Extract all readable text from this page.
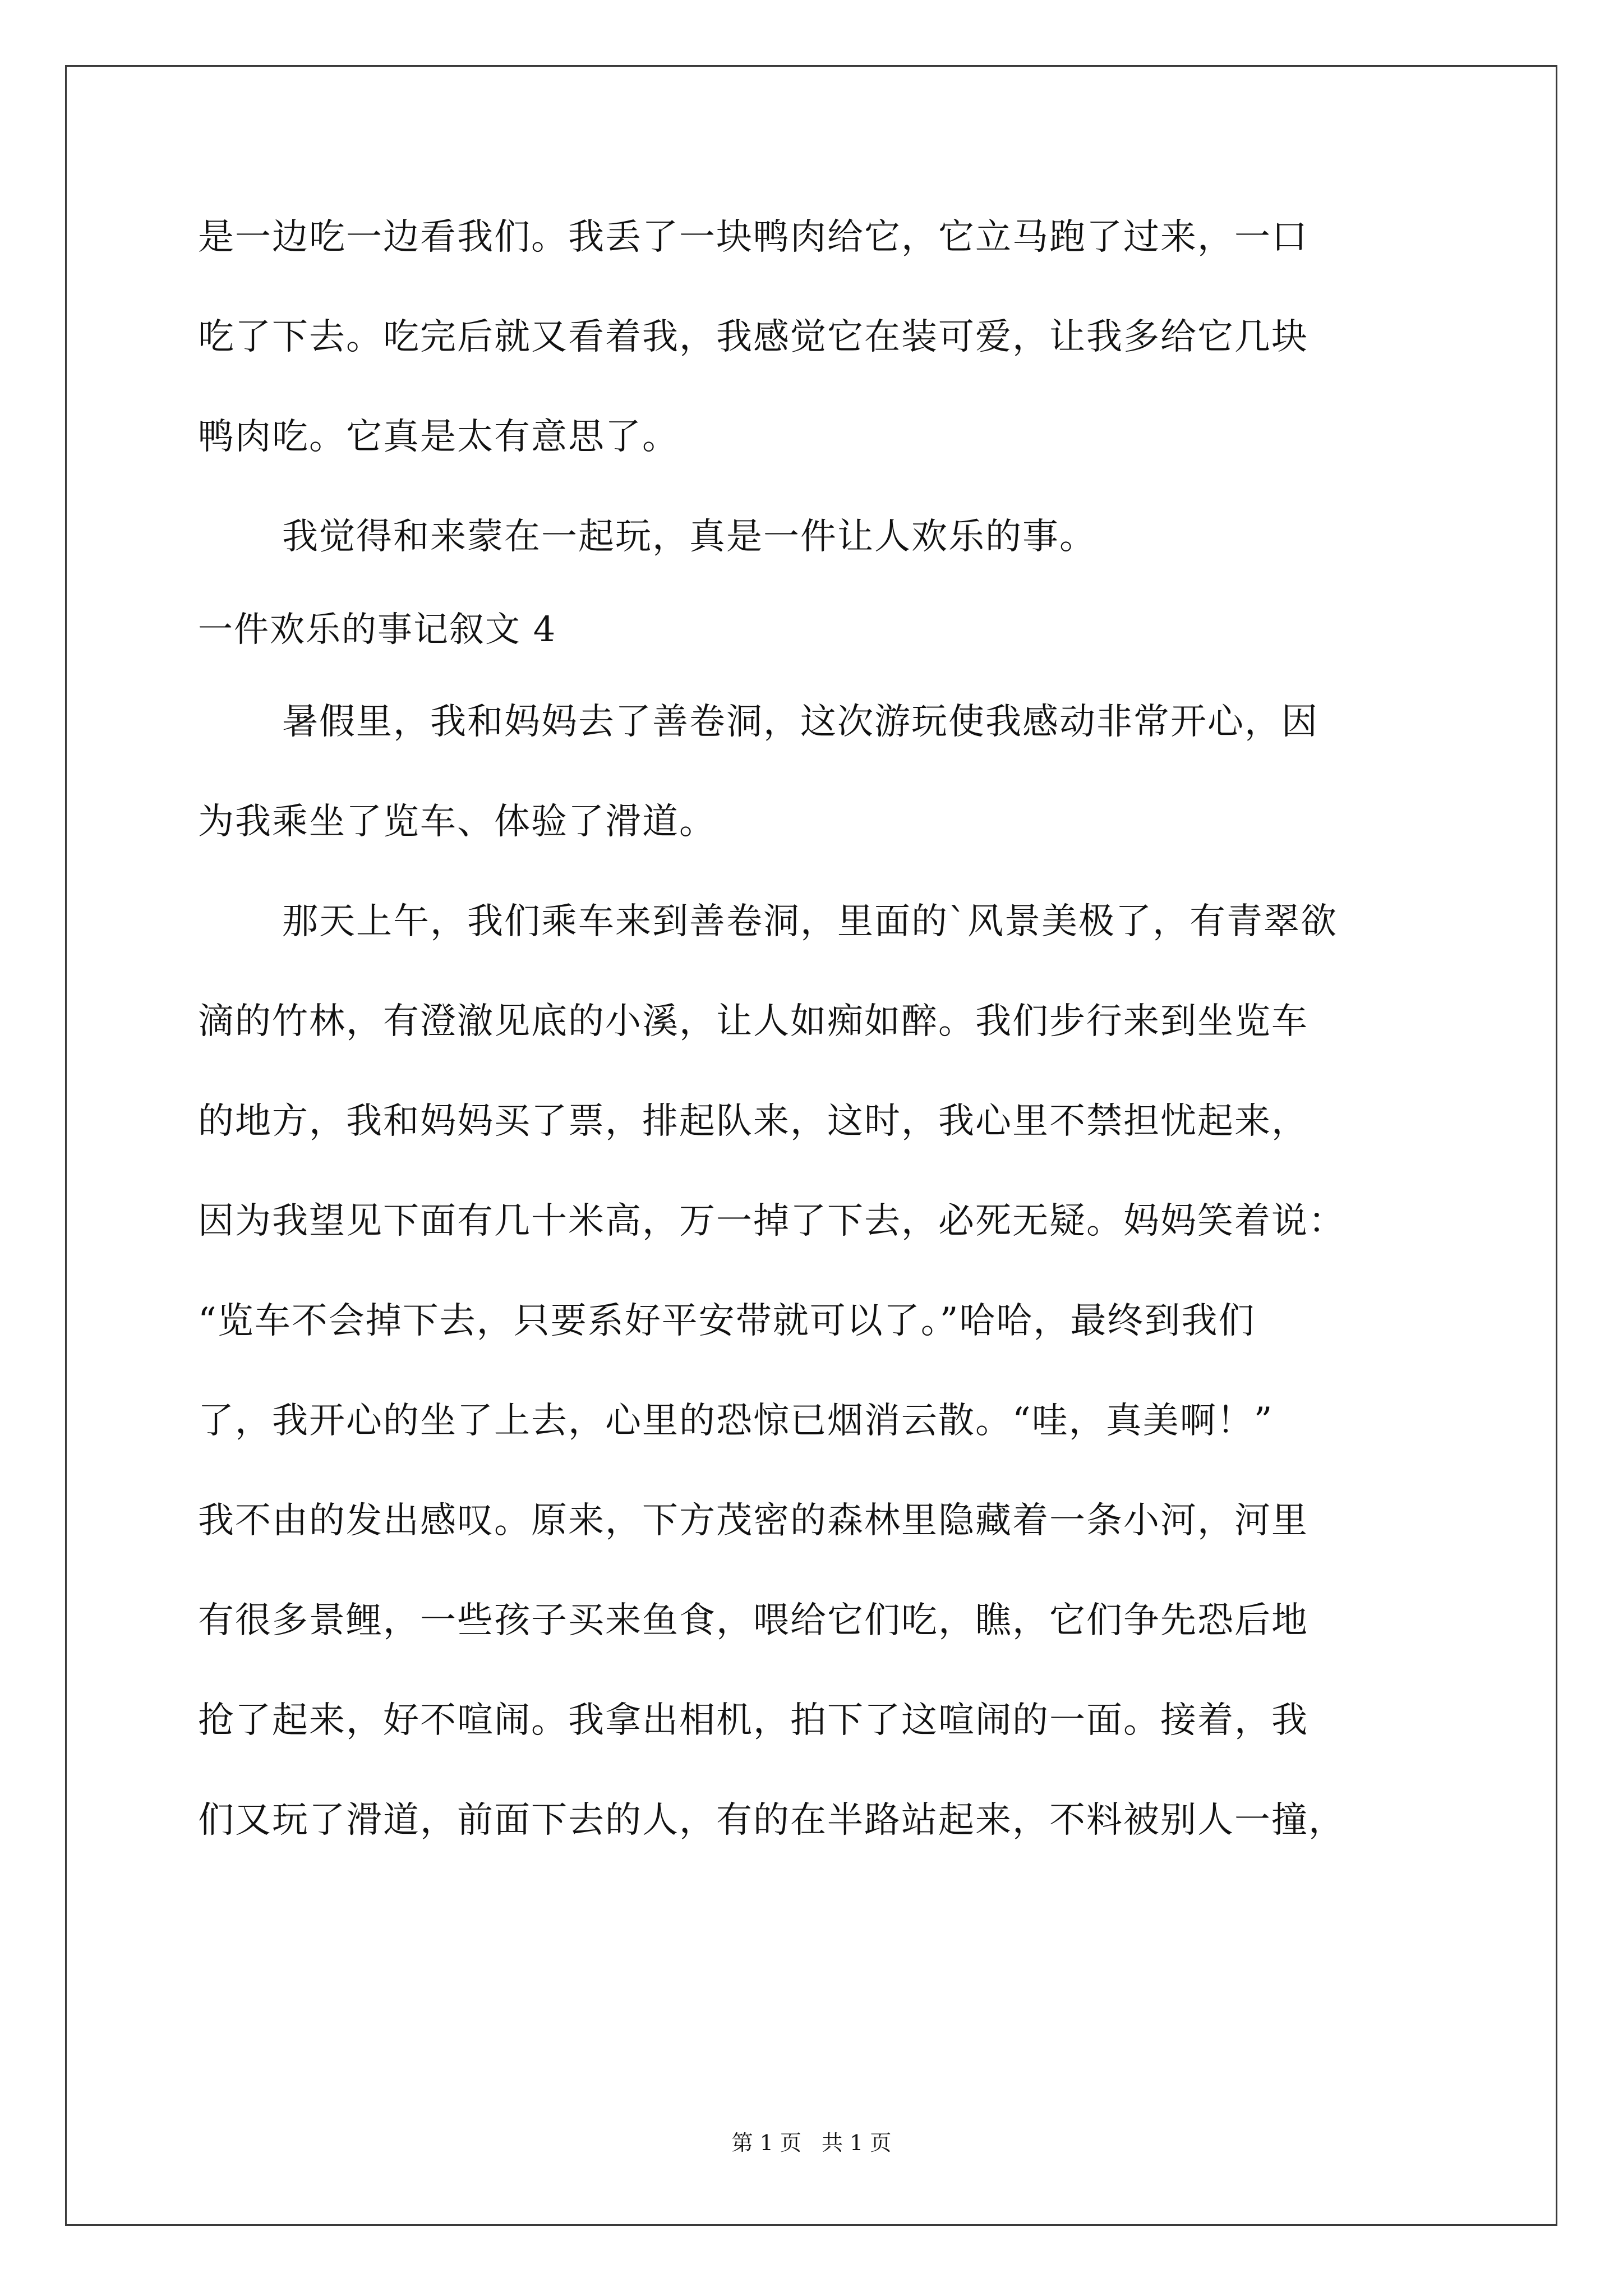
是一边吃一边看我们。我丢了一块鸭肉给它，它立马跑了过来，一口
吃了下去。吃完后就又看着我，我感觉它在装可爱，让我多给它几块
鸭肉吃。它真是太有意思了。
我觉得和来蒙在一起玩，真是一件让人欢乐的事。
一件欢乐的事记叙文 4
暑假里，我和妈妈去了善卷洞，这次游玩使我感动非常开心，因
为我乘坐了览车、体验了滑道。
那天上午，我们乘车来到善卷洞，里面的`风景美极了，有青翠欲
滴的竹林，有澄澈见底的小溪，让人如痴如醉。我们步行来到坐览车
的地方，我和妈妈买了票，排起队来，这时，我心里不禁担忧起来，
因为我望见下面有几十米高，万一掉了下去，必死无疑。妈妈笑着说：
“览车不会掉下去，只要系好平安带就可以了。”哈哈，最终到我们
了，我开心的坐了上去，心里的恐惊已烟消云散。“哇，真美啊！”
我不由的发出感叹。原来，下方茂密的森林里隐藏着一条小河，河里
有很多景鲤，一些孩子买来鱼食，喂给它们吃，瞧，它们争先恐后地
抢了起来，好不喧闹。我拿出相机，拍下了这喧闹的一面。接着，我
们又玩了滑道，前面下去的人，有的在半路站起来，不料被别人一撞，
第 1 页 共 1 页
